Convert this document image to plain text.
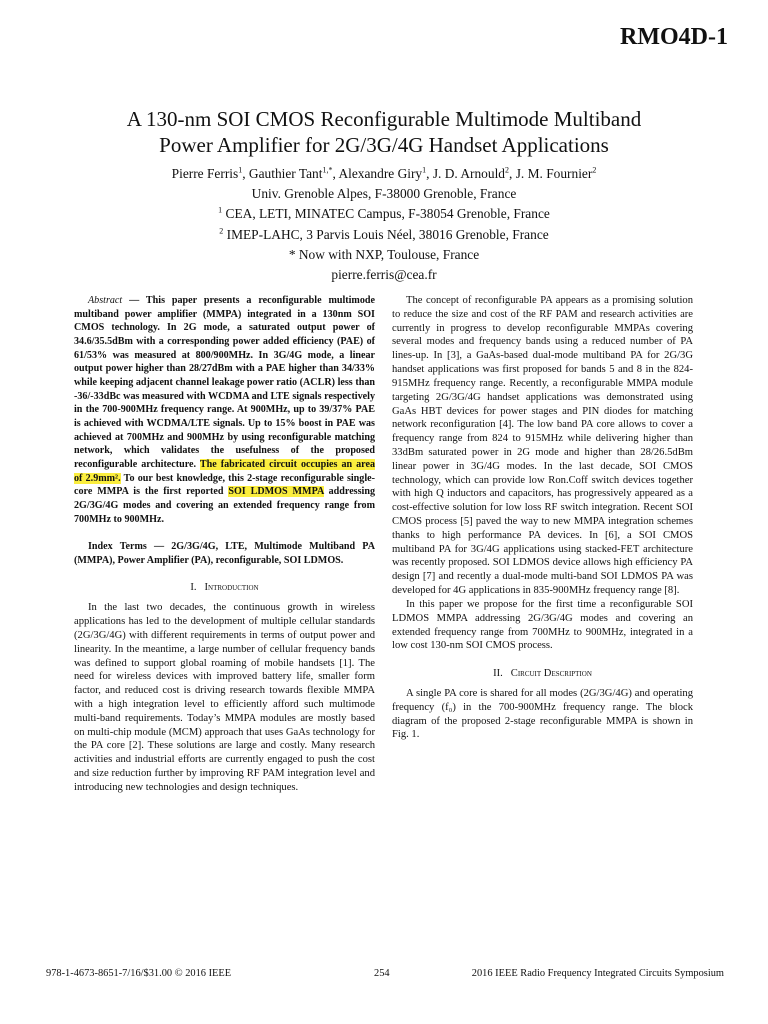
RMO4D-1
A 130-nm SOI CMOS Reconfigurable Multimode Multiband
Power Amplifier for 2G/3G/4G Handset Applications
Pierre Ferris$^1$, Gauthier Tant$^{1,*}$, Alexandre Giry$^1$, J. D. Arnould$^2$, J. M. Fournier$^2$
Univ. Grenoble Alpes, F-38000 Grenoble, France
$^1$ CEA, LETI, MINATEC Campus, F-38054 Grenoble, France
$^2$ IMEP-LAHC, 3 Parvis Louis Néel, 38016 Grenoble, France
* Now with NXP, Toulouse, France
pierre.ferris@cea.fr

Abstract — This paper presents a reconfigurable multimode multiband power amplifier (MMPA) integrated in a 130nm SOI CMOS technology. In 2G mode, a saturated output power of 34.6/35.5dBm with a corresponding power added efficiency (PAE) of 61/53% was measured at 800/900MHz. In 3G/4G mode, a linear output power higher than 28/27dBm with a PAE higher than 34/33% while keeping adjacent channel leakage power ratio (ACLR) less than -36/-33dBc was measured with WCDMA and LTE signals respectively in the 700-900MHz frequency range. At 900MHz, up to 39/37% PAE is achieved with WCDMA/LTE signals. Up to 15% boost in PAE was achieved at 700MHz and 900MHz by using reconfigurable matching network, which validates the usefulness of the proposed reconfigurable architecture. The fabricated circuit occupies an area of 2.9mm². To our best knowledge, this 2-stage reconfigurable single-core MMPA is the first reported SOI LDMOS MMPA addressing 2G/3G/4G modes and covering an extended frequency range from 700MHz to 900MHz.

Index Terms — 2G/3G/4G, LTE, Multimode Multiband PA (MMPA), Power Amplifier (PA), reconfigurable, SOI LDMOS.

I. Introduction

In the last two decades, the continuous growth in wireless applications has led to the development of multiple cellular standards (2G/3G/4G) with different requirements in terms of output power and linearity. In the meantime, a large number of cellular frequency bands was defined to support global roaming of mobile handsets [1]. The need for wireless devices with improved battery life, smaller form factor, and reduced cost is driving research towards flexible MMPA with a high integration level to efficiently afford such multimode multi-band requirements. Today’s MMPA modules are mostly based on multi-chip module (MCM) approach that uses GaAs technology for the PA core [2]. These solutions are large and costly. Many research activities and industrial efforts are currently engaged to push the cost and size reduction further by improving RF PAM integration level and introducing new technologies and design techniques.

The concept of reconfigurable PA appears as a promising solution to reduce the size and cost of the RF PAM and research activities are currently in progress to develop reconfigurable MMPAs covering several modes and frequency bands using a reduced number of PA lines-up. In [3], a GaAs-based dual-mode multiband PA for 2G/3G handset applications was first proposed for bands 5 and 8 in the 824-915MHz frequency range. Recently, a reconfigurable MMPA module targeting 2G/3G/4G handset applications was demonstrated using GaAs HBT devices for power stages and PIN diodes for matching network reconfiguration [4]. The low band PA core allows to cover a frequency range from 824 to 915MHz while delivering higher than 33dBm saturated power in 2G mode and higher than 28/26.5dBm linear power in 3G/4G modes. In the last decade, SOI CMOS technology, which can provide low Ron.Coff switch devices together with high Q inductors and capacitors, has progressively appeared as a cost-effective solution for low loss RF switch integration. Recent SOI CMOS process [5] paved the way to new MMPA integration schemes thanks to high performance PA devices. In [6], a SOI CMOS multiband PA for 3G/4G applications using stacked-FET architecture was recently proposed. SOI LDMOS device allows high efficiency PA design [7] and recently a dual-mode multi-band SOI LDMOS PA was developed for 4G applications in 835-900MHz frequency range [8].

In this paper we propose for the first time a reconfigurable SOI LDMOS MMPA addressing 2G/3G/4G modes and covering an extended frequency range from 700MHz to 900MHz, integrated in a low cost 130-nm SOI CMOS process.

II. Circuit Description

A single PA core is shared for all modes (2G/3G/4G) and operating frequency (f₀) in the 700-900MHz frequency range. The block diagram of the proposed 2-stage reconfigurable MMPA is shown in Fig. 1.

978-1-4673-8651-7/16/$31.00 © 2016 IEEE	254	2016 IEEE Radio Frequency Integrated Circuits Symposium
